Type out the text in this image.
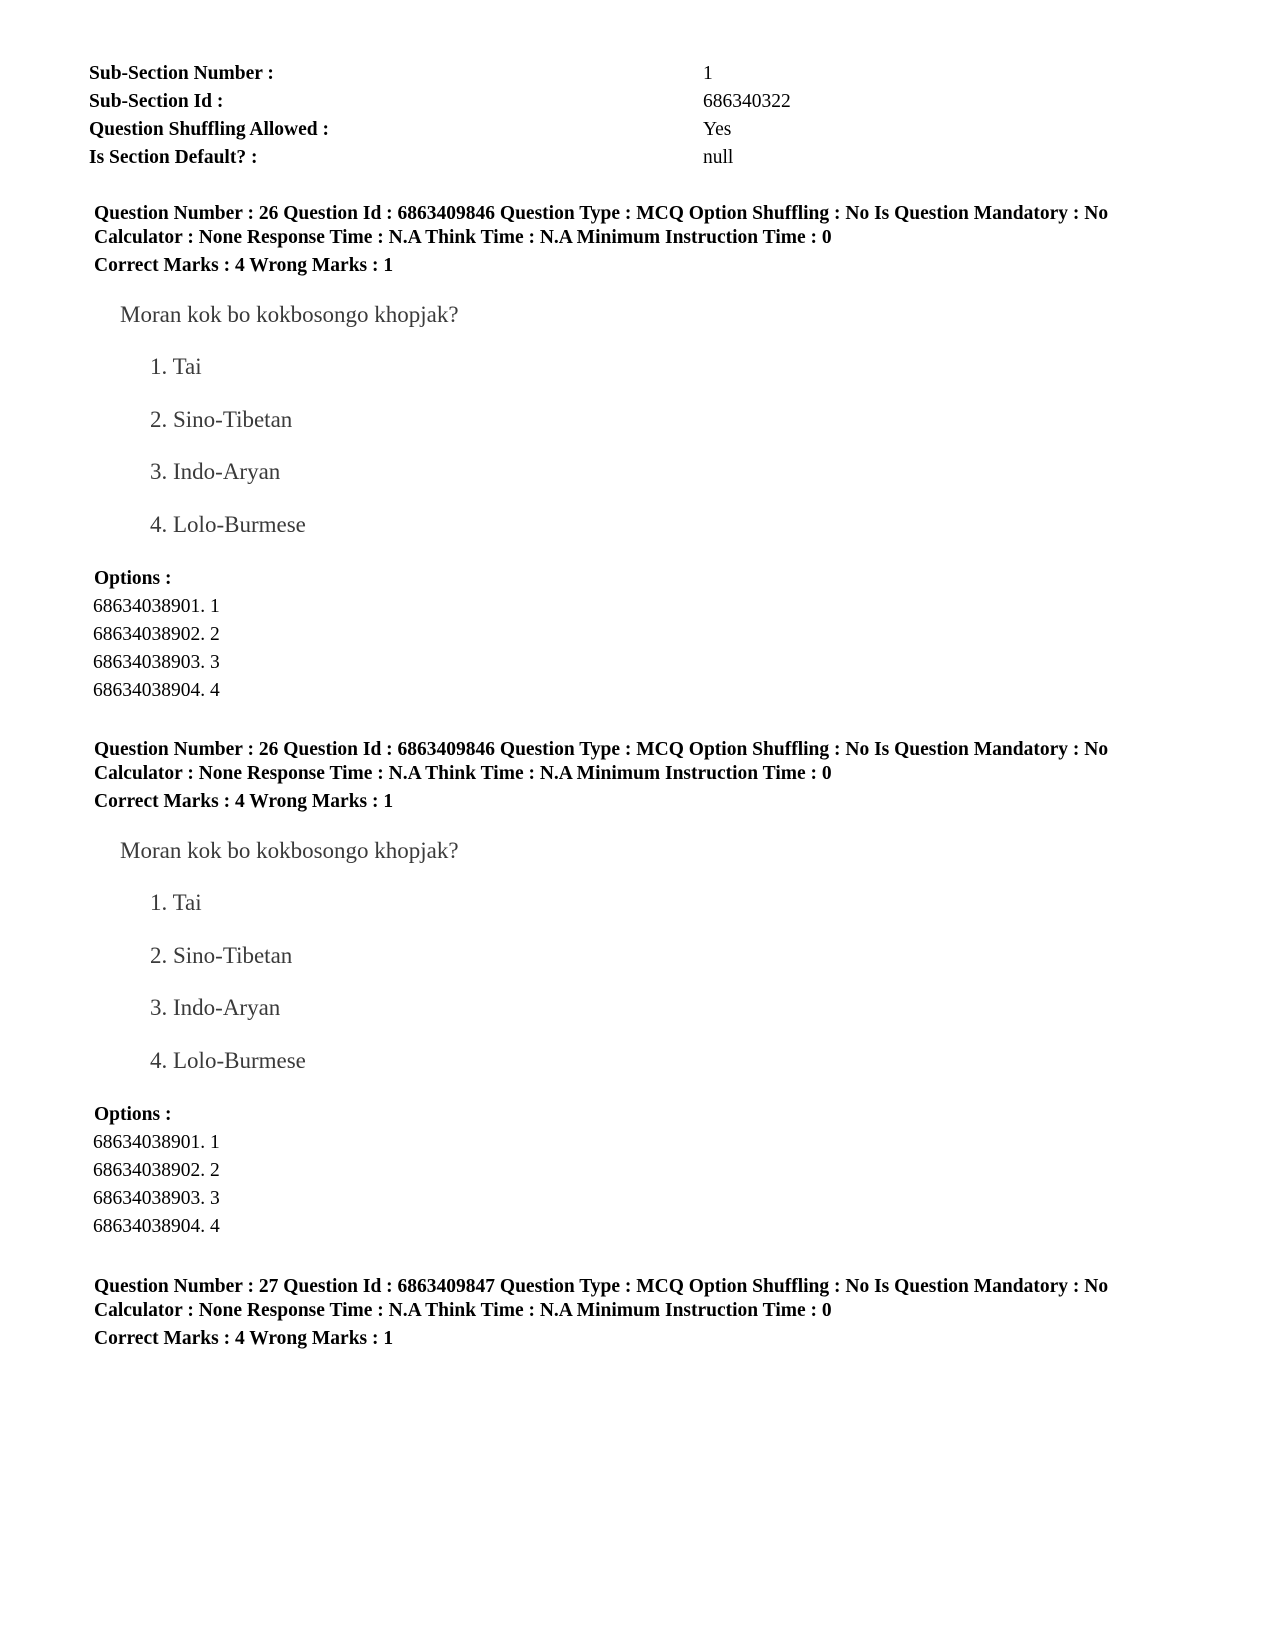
Sub-Section Number :	1
Sub-Section Id :	686340322
Question Shuffling Allowed :	Yes
Is Section Default? :	null
Question Number : 26 Question Id : 6863409846 Question Type : MCQ Option Shuffling : No Is Question Mandatory : No Calculator : None Response Time : N.A Think Time : N.A Minimum Instruction Time : 0
Correct Marks : 4 Wrong Marks : 1
Moran kok bo kokbosongo khopjak?
1. Tai
2. Sino-Tibetan
3. Indo-Aryan
4. Lolo-Burmese
Options :
68634038901. 1
68634038902. 2
68634038903. 3
68634038904. 4
Question Number : 26 Question Id : 6863409846 Question Type : MCQ Option Shuffling : No Is Question Mandatory : No Calculator : None Response Time : N.A Think Time : N.A Minimum Instruction Time : 0
Correct Marks : 4 Wrong Marks : 1
Moran kok bo kokbosongo khopjak?
1. Tai
2. Sino-Tibetan
3. Indo-Aryan
4. Lolo-Burmese
Options :
68634038901. 1
68634038902. 2
68634038903. 3
68634038904. 4
Question Number : 27 Question Id : 6863409847 Question Type : MCQ Option Shuffling : No Is Question Mandatory : No Calculator : None Response Time : N.A Think Time : N.A Minimum Instruction Time : 0
Correct Marks : 4 Wrong Marks : 1
